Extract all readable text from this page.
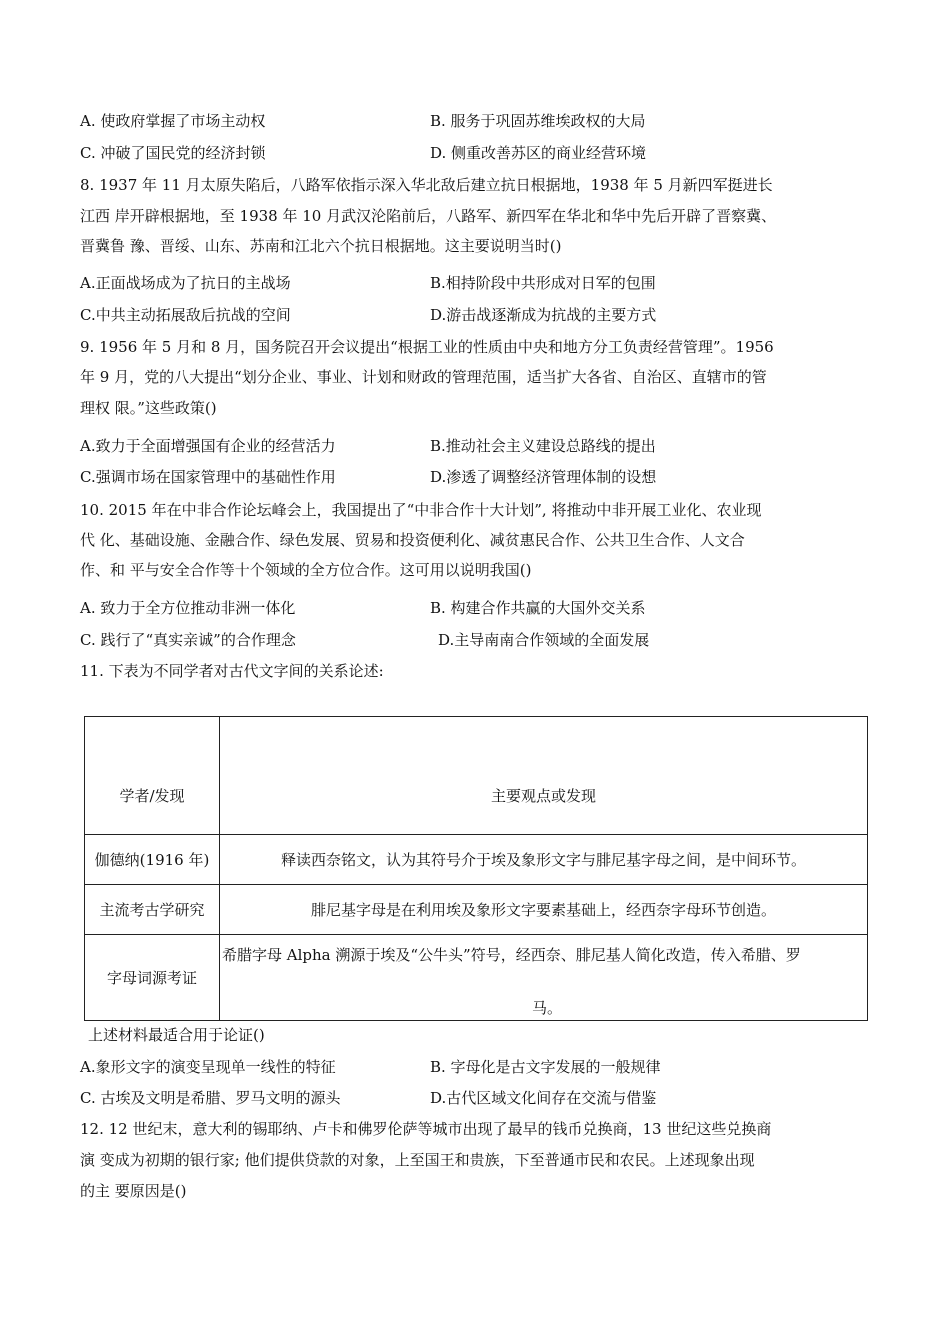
A. 使政府掌握了市场主动权	B. 服务于巩固苏维埃政权的大局
C. 冲破了国民党的经济封锁	D. 侧重改善苏区的商业经营环境
8. 1937 年 11 月太原失陷后，八路军依指示深入华北敌后建立抗日根据地，1938 年 5 月新四军挺进长
江西 岸开辟根据地，至 1938 年 10 月武汉沦陷前后，八路军、新四军在华北和华中先后开辟了晋察冀、
晋冀鲁 豫、晋绥、山东、苏南和江北六个抗日根据地。这主要说明当时()
A.正面战场成为了抗日的主战场	B.相持阶段中共形成对日军的包围
C.中共主动拓展敌后抗战的空间	D.游击战逐渐成为抗战的主要方式
9. 1956 年 5 月和 8 月，国务院召开会议提出“根据工业的性质由中央和地方分工负责经营管理”。1956
年 9 月，党的八大提出“划分企业、事业、计划和财政的管理范围，适当扩大各省、自治区、直辖市的管
理权 限。”这些政策()
A.致力于全面增强国有企业的经营活力	B.推动社会主义建设总路线的提出
C.强调市场在国家管理中的基础性作用	D.渗透了调整经济管理体制的设想
10. 2015 年在中非合作论坛峰会上，我国提出了“中非合作十大计划”, 将推动中非开展工业化、农业现
代 化、基础设施、金融合作、绿色发展、贸易和投资便利化、减贫惠民合作、公共卫生合作、人文合
作、和 平与安全合作等十个领域的全方位合作。这可用以说明我国()
A. 致力于全方位推动非洲一体化	B. 构建合作共赢的大国外交关系
C. 践行了“真实亲诚”的合作理念	D.主导南南合作领域的全面发展
11. 下表为不同学者对古代文字间的关系论述:
学者/发现	主要观点或发现
伽德纳(1916 年)	释读西奈铭文，认为其符号介于埃及象形文字与腓尼基字母之间，是中间环节。
主流考古学研究	腓尼基字母是在利用埃及象形文字要素基础上，经西奈字母环节创造。
字母词源考证	希腊字母 Alpha 溯源于埃及“公牛头”符号，经西奈、腓尼基人简化改造，传入希腊、罗
马。
上述材料最适合用于论证()
A.象形文字的演变呈现单一线性的特征	B. 字母化是古文字发展的一般规律
C. 古埃及文明是希腊、罗马文明的源头	D.古代区域文化间存在交流与借鉴
12. 12 世纪末，意大利的锡耶纳、卢卡和佛罗伦萨等城市出现了最早的钱币兑换商，13 世纪这些兑换商
演 变成为初期的银行家; 他们提供贷款的对象，上至国王和贵族，下至普通市民和农民。上述现象出现
的主 要原因是()
